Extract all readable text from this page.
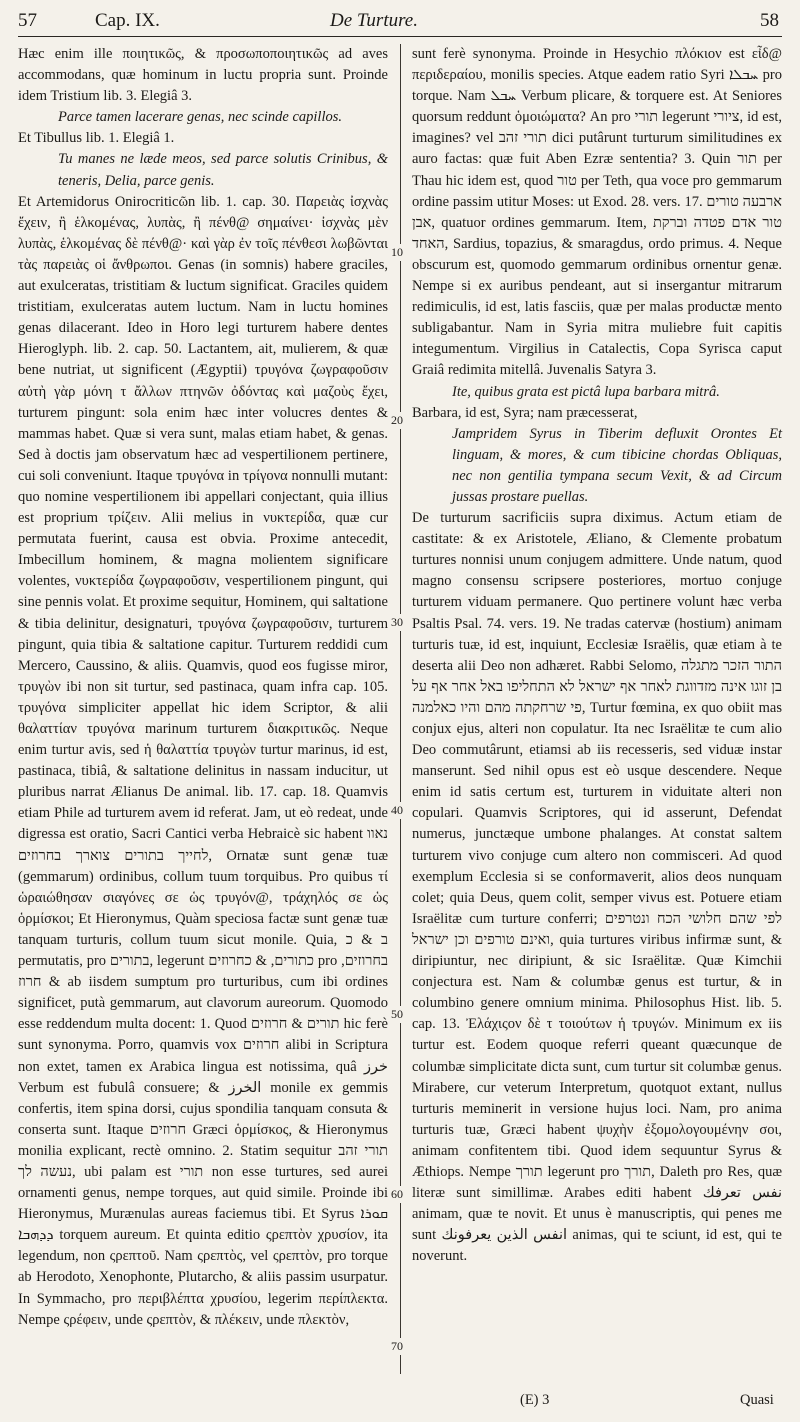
57	Cap. IX.	De Turture.	58

Hæc enim ille ποιητικῶς, & προσωποποιητικῶς ad aves accommodans, quæ hominum in luctu propria sunt. Proinde idem Tristium lib. 3. Elegiâ 3.

Parce tamen lacerare genas, nec scinde capillos.

Et Tibullus lib. 1. Elegiâ 1.

Tu manes ne læde meos, sed parce solutis Crinibus, & teneris, Delia, parce genis.

Et Artemidorus Onirocriticῶn lib. 1. cap. 30. Παρειὰς ἰσχνὰς ἔχειν, ἢ ἑλκομένας, λυπὰς, ἢ πένθ@ σημαίνει· ἰσχνὰς μὲν λυπὰς, ἑλκομένας δὲ πένθ@· καὶ γὰρ ἐν τοῖς πένθεσι λωβῶνται τὰς παρειὰς οἱ ἄνθρωποι. Genas (in somnis) habere graciles, aut exulceratas, tristitiam & luctum significat. Graciles quidem tristitiam, exulceratas autem luctum. Nam in luctu homines genas dilacerant. Ideo in Horo legi turturem habere dentes Hieroglyph. lib. 2. cap. 50. Lactantem, ait, mulierem, & quæ bene nutriat, ut significent (Ægyptii) τρυγόνα ζωγραφοῦσιν αὐτὴ γὰρ μόνη τ ἄλλων πτηνῶν ὀδόντας καὶ μαζοὺς ἔχει, turturem pingunt: sola enim hæc inter volucres dentes & mammas habet. Quæ si vera sunt, malas etiam habet, & genas. Sed à doctis jam observatum hæc ad vespertilionem pertinere, cui soli conveniunt. Itaque τρυγόνα in τρίγονα nonnulli mutant: quo nomine vespertilionem ibi appellari conjectant, quia illius est proprium τρίζειν. Alii melius in νυκτερίδα, quæ cur permutata fuerint, causa est obvia. Proxime antecedit, Imbecillum hominem, & magna molientem significare volentes, νυκτερίδα ζωγραφοῦσιν, vespertilionem pingunt, qui sine pennis volat. Et proxime sequitur, Hominem, qui saltatione & tibia delinitur, designaturi, τρυγόνα ζωγραφοῦσιν, turturem pingunt, quia tibia & saltatione capitur. Turturem reddidi cum Mercero, Caussino, & aliis. Quamvis, quod eos fugisse miror, τρυγὼν ibi non sit turtur, sed pastinaca, quam infra cap. 105. τρυγόνα simpliciter appellat hic idem Scriptor, & alii θαλαττίαν τρυγόνα marinum turturem διακριτικῶς. Neque enim turtur avis, sed ἡ θαλαττία τρυγὼν turtur marinus, id est, pastinaca, tibiâ, & saltatione delinitus in nassam inducitur, ut pluribus narrat Ælianus De animal. lib. 17. cap. 18. Quamvis etiam Phile ad turturem avem id referat. Jam, ut eò redeat, unde digressa est oratio, Sacri Cantici verba Hebraicè sic habent נאוו לחייך בתורים צוארך בחרוזים, Ornatæ sunt genæ tuæ (gemmarum) ordinibus, collum tuum torquibus. Pro quibus τί ὡραιώθησαν σιαγόνες σε ὡς τρυγόν@, τράχηλός σε ὡς ὁρμίσκοι; Et Hieronymus, Quàm speciosa factæ sunt genæ tuæ tanquam turturis, collum tuum sicut monile. Quia, ב & כ permutatis, pro בתורים, legerunt כתורים, & כחרוזים pro בחרוזים, & חרוז ab iisdem sumptum pro turturibus, cum ibi ordines significet, putà gemmarum, aut clavorum aureorum. Quomodo esse reddendum multa docent: 1. Quod תורים & חרוזים hic ferè sunt synonyma. Porro, quamvis vox חרוזים alibi in Scriptura non extet, tamen ex Arabica lingua est notissima, quâ خرز Verbum est fubulâ consuere; & الخرز monile ex gemmis confertis, item spina dorsi, cujus spondilia tanquam consuta & conserta sunt. Itaque חרוזים Græci ὁρμίσκος, & Hieronymus monilia explicant, rectè omnino. 2. Statim sequitur תורי זהב נעשה לך, ubi palam est תורי non esse turtures, sed aurei ornamenti genus, nempe torques, aut quid simile. Proinde ibi Hieronymus, Murænulas aureas faciemus tibi. Et Syrus ܩܘܪܐ ܕܕܗܒܐ torquem aureum. Et quinta editio ςρεπτὸν χρυσίον, ita legendum, non ςρεπτοῦ. Nam ςρεπτὸς, vel ςρεπτὸν, pro torque ab Herodoto, Xenophonte, Plutarcho, & aliis passim usurpatur. In Symmacho, pro περιβλέπτα χρυσίου, legerim περίπλεκτα. Nempe ςρέφειν, unde ςρεπτὸν, & πλέκειν, unde πλεκτὸν,

10
20
30
40
50
60
70

sunt ferè synonyma. Proinde in Hesychio πλόκιον est εἶδ@ περιδεραίου, monilis species. Atque eadem ratio Syri ܚܒܠܐ pro torque. Nam ܚܒܠ Verbum plicare, & torquere est. At Seniores quorsum reddunt ὁμοιώματα? An pro תורי legerunt ציורי, id est, imagines? vel תורי זהב dici putârunt turturum similitudines ex auro factas: quæ fuit Aben Ezræ sententia? 3. Quin תור per Thau hic idem est, quod טור per Teth, qua voce pro gemmarum ordine passim utitur Moses: ut Exod. 28. vers. 17. ארבעה טורים אבן, quatuor ordines gemmarum. Item, טור אדם פטדה וברקת האחד, Sardius, topazius, & smaragdus, ordo primus. 4. Neque obscurum est, quomodo gemmarum ordinibus ornentur genæ. Nempe si ex auribus pendeant, aut si insergantur mitrarum redimiculis, id est, latis fasciis, quæ per malas productæ mento subligabantur. Nam in Syria mitra muliebre fuit capitis integumentum. Virgilius in Catalectis, Copa Syrisca caput Graiâ redimita mitellâ. Juvenalis Satyra 3.

Ite, quibus grata est pictâ lupa barbara mitrâ.

Barbara, id est, Syra; nam præcesserat,

Jampridem Syrus in Tiberim defluxit Orontes Et linguam, & mores, & cum tibicine chordas Obliquas, nec non gentilia tympana secum Vexit, & ad Circum jussas prostare puellas.

De turturum sacrificiis supra diximus. Actum etiam de castitate: & ex Aristotele, Æliano, & Clemente probatum turtures nonnisi unum conjugem admittere. Unde natum, quod magno consensu scripsere posteriores, mortuo conjuge turturem viduam permanere. Quo pertinere volunt hæc verba Psaltis Psal. 74. vers. 19. Ne tradas catervæ (hostium) animam turturis tuæ, id est, inquiunt, Ecclesiæ Israëlis, quæ etiam à te deserta alii Deo non adhæret. Rabbi Selomo, התור הזכר מתגלה בן זוגו אינה מזדווגת לאחר אף ישראל לא התחליפו באל אחר אף על פי שרחקתה מהם והיו כאלמנה, Turtur fœmina, ex quo obiit mas conjux ejus, alteri non copulatur. Ita nec Israëlitæ te cum alio Deo commutârunt, etiamsi ab iis recesseris, sed viduæ instar manserunt. Sed nihil opus est eò usque descendere. Neque enim id satis certum est, turturem in viduitate alteri non copulari. Quamvis Scriptores, qui id asserunt, Defendat numerus, junctæque umbone phalanges. At constat saltem turturem vivo conjuge cum altero non commisceri. Ad quod exemplum Ecclesia si se conformaverit, alios deos nunquam colet; quia Deus, quem colit, semper vivus est. Potuere etiam Israëlitæ cum turture conferri; לפי שהם חלושי הכח ונטרפים ואינם טורפים וכן ישראל, quia turtures viribus infirmæ sunt, & diripiuntur, nec diripiunt, & sic Israëlitæ. Quæ Kimchii conjectura est. Nam & columbæ genus est turtur, & in columbino genere omnium minima. Philosophus Hist. lib. 5. cap. 13. Ἐλάχιςον δὲ τ τοιούτων ἡ τρυγών. Minimum ex iis turtur est. Eodem quoque referri queant quæcunque de columbæ simplicitate dicta sunt, cum turtur sit columbæ genus. Mirabere, cur veterum Interpretum, quotquot extant, nullus turturis meminerit in versione hujus loci. Nam, pro anima turturis tuæ, Græci habent ψυχὴν ἐξομολογουμένην σοι, animam confitentem tibi. Quod idem sequuntur Syrus & Æthiops. Nempe תורך legerunt pro תורך, Daleth pro Res, quæ literæ sunt simillimæ. Arabes editi habent نفس تعرفك animam, quæ te novit. Et unus è manuscriptis, qui penes me sunt انفس الذين يعرفونك animas, qui te sciunt, id est, qui te noverunt.

(E) 3	Quasi
